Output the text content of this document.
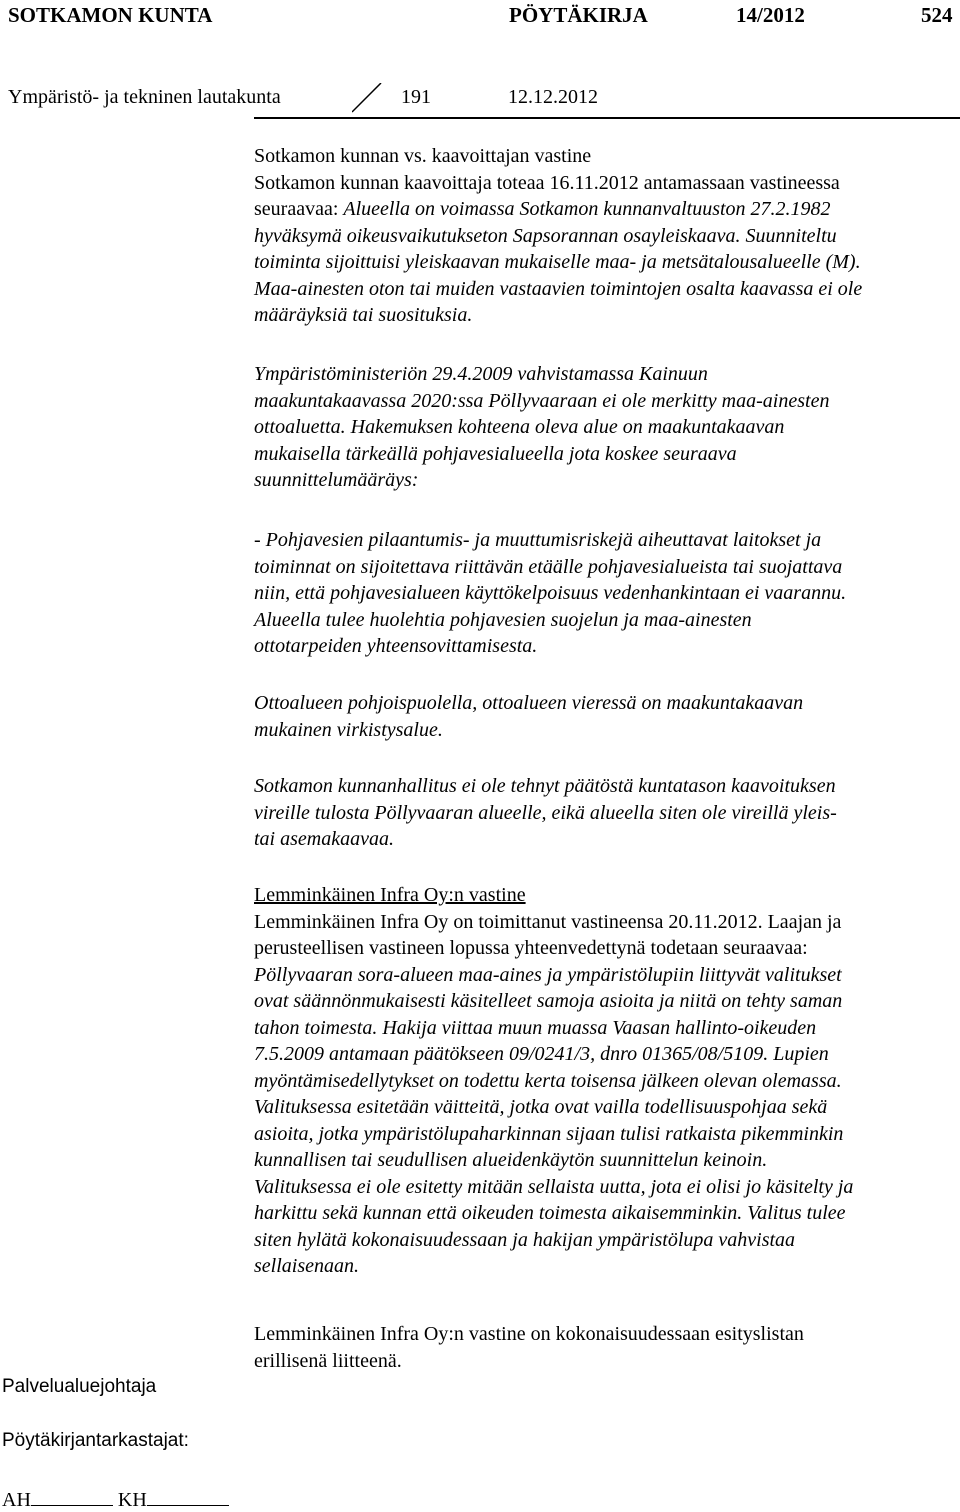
SOTKAMON KUNTA	PÖYTÄKIRJA	14/2012	524
Ympäristö- ja tekninen lautakunta	191	12.12.2012

Sotkamon kunnan vs. kaavoittajan vastine

Sotkamon kunnan kaavoittaja toteaa 16.11.2012 antamassaan vastineessa

seuraavaa: Alueella on voimassa Sotkamon kunnanvaltuuston 27.2.1982

hyväksymä oikeusvaikutukseton Sapsorannan osayleiskaava. Suunniteltu

toiminta sijoittuisi yleiskaavan mukaiselle maa- ja metsätalousalueelle (M).

Maa-ainesten oton tai muiden vastaavien toimintojen osalta kaavassa ei ole

määräyksiä tai suosituksia.

Ympäristöministeriön 29.4.2009 vahvistamassa Kainuun

maakuntakaavassa 2020:ssa Pöllyvaaraan ei ole merkitty maa-ainesten

ottoaluetta. Hakemuksen kohteena oleva alue on maakuntakaavan

mukaisella tärkeällä pohjavesialueella jota koskee seuraava

suunnittelumääräys:

- Pohjavesien pilaantumis- ja muuttumisriskejä aiheuttavat laitokset ja

toiminnat on sijoitettava riittävän etäälle pohjavesialueista tai suojattava

niin, että pohjavesialueen käyttökelpoisuus vedenhankintaan ei vaarannu.

Alueella tulee huolehtia pohjavesien suojelun ja maa-ainesten

ottotarpeiden yhteensovittamisesta.

Ottoalueen pohjoispuolella, ottoalueen vieressä on maakuntakaavan

mukainen virkistysalue.

Sotkamon kunnanhallitus ei ole tehnyt päätöstä kuntatason kaavoituksen

vireille tulosta Pöllyvaaran alueelle, eikä alueella siten ole vireillä yleis-

tai asemakaavaa.

Lemminkäinen Infra Oy:n vastine

Lemminkäinen Infra Oy on toimittanut vastineensa 20.11.2012. Laajan ja

perusteellisen vastineen lopussa yhteenvedettynä todetaan seuraavaa:

Pöllyvaaran sora-alueen maa-aines ja ympäristölupiin liittyvät valitukset

ovat säännönmukaisesti käsitelleet samoja asioita ja niitä on tehty saman

tahon toimesta. Hakija viittaa muun muassa Vaasan hallinto-oikeuden

7.5.2009 antamaan päätökseen 09/0241/3, dnro 01365/08/5109. Lupien

myöntämisedellytykset on todettu kerta toisensa jälkeen olevan olemassa.

Valituksessa esitetään väitteitä, jotka ovat vailla todellisuuspohjaa sekä

asioita, jotka ympäristölupaharkinnan sijaan tulisi ratkaista pikemminkin

kunnallisen tai seudullisen alueidenkäytön suunnittelun keinoin.

Valituksessa ei ole esitetty mitään sellaista uutta, jota ei olisi jo käsitelty ja

harkittu sekä kunnan että oikeuden toimesta aikaisemminkin. Valitus tulee

siten hylätä kokonaisuudessaan ja hakijan ympäristölupa vahvistaa

sellaisenaan.

Lemminkäinen Infra Oy:n vastine on kokonaisuudessaan esityslistan

erillisenä liitteenä.

Palvelualuejohtaja
Pöytäkirjantarkastajat:
AH	KH
